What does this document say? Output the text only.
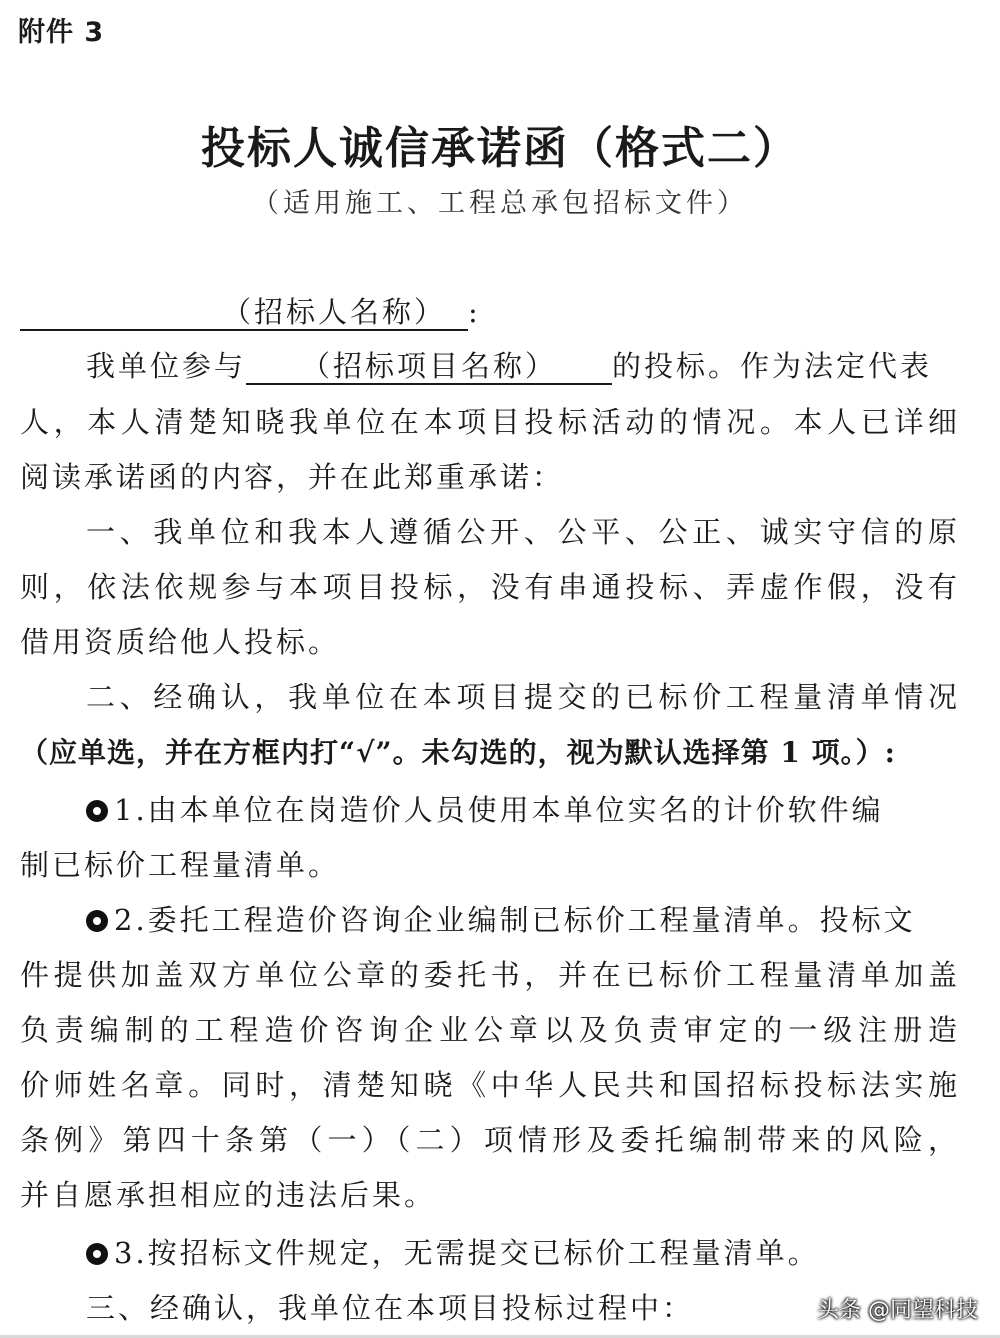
附件 3
投标人诚信承诺函（格式二）
（适用施工、工程总承包招标文件）
（招标人名称） :
我单位参与 （招标项目名称） 的投标。作为法定代表
人，本人清楚知晓我单位在本项目投标活动的情况。本人已详细
阅读承诺函的内容，并在此郑重承诺：
一、我单位和我本人遵循公开、公平、公正、诚实守信的原
则，依法依规参与本项目投标，没有串通投标、弄虚作假，没有
借用资质给他人投标。
二、经确认，我单位在本项目提交的已标价工程量清单情况
（应单选，并在方框内打“√”。未勾选的，视为默认选择第 1 项。）:
1.由本单位在岗造价人员使用本单位实名的计价软件编
制已标价工程量清单。
2.委托工程造价咨询企业编制已标价工程量清单。投标文
件提供加盖双方单位公章的委托书，并在已标价工程量清单加盖
负责编制的工程造价咨询企业公章以及负责审定的一级注册造
价师姓名章。同时，清楚知晓《中华人民共和国招标投标法实施
条例》第四十条第（一）（二）项情形及委托编制带来的风险，
并自愿承担相应的违法后果。
3.按招标文件规定，无需提交已标价工程量清单。
三、经确认，我单位在本项目投标过程中：	头条 @同望科技
